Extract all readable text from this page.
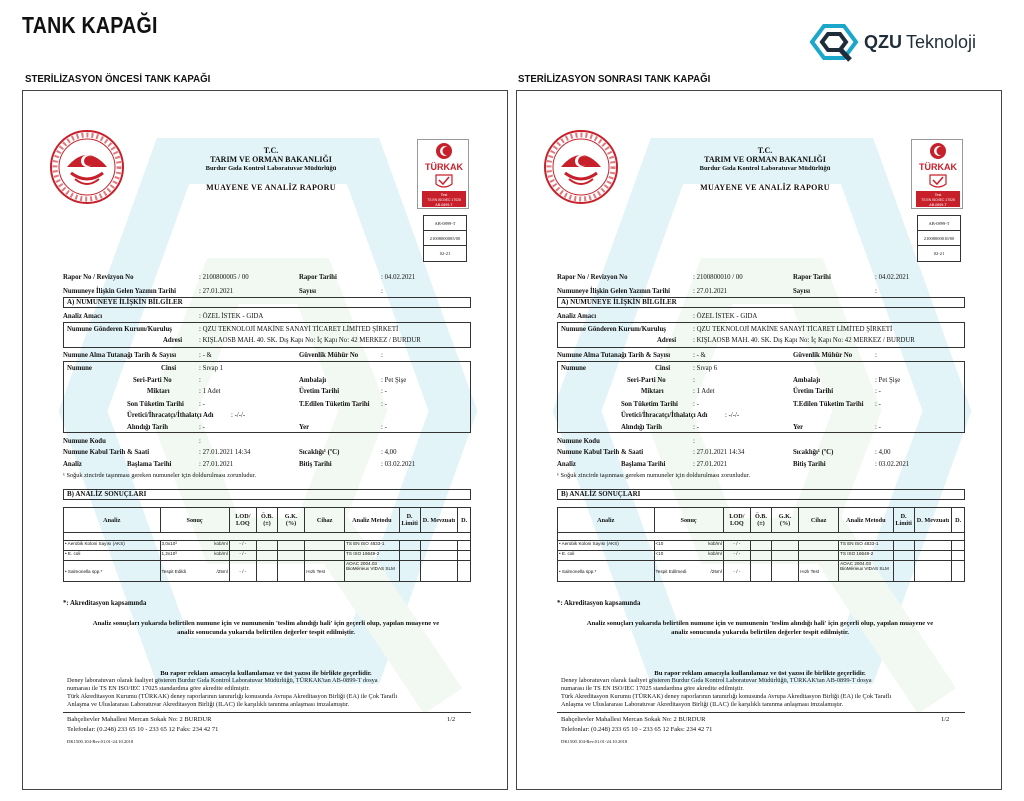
TANK KAPAĞI
QZU Teknoloji
STERİLİZASYON ÖNCESİ TANK KAPAĞI	STERİLİZASYON SONRASI TANK KAPAĞI
TÜRKAK
Test
TS EN ISO/IEC 17025
AB-0899-T
AB-0899-T
21008000005/00
02-21
T.C.
TARIM VE ORMAN BAKANLIĞI
Burdur Gıda Kontrol Laboratuvar Müdürlüğü
MUAYENE VE ANALİZ RAPORU
Rapor No / Revizyon No	: 2100800005 / 00	Rapor Tarihi	: 04.02.2021
Numuneye İlişkin Gelen Yazının Tarihi	: 27.01.2021	Sayısı	:
A) NUMUNEYE İLİŞKİN BİLGİLER
Analiz Amacı	: ÖZEL İSTEK - GIDA
Numune Gönderen Kurum/Kuruluş	: QZU TEKNOLOJİ MAKİNE SANAYİ TİCARET LİMİTED ŞİRKETİ
Adresi : KIŞLAOSB MAH. 40. SK. Dış Kapı No: İç Kapı No: 42 MERKEZ / BURDUR
Numune Alma Tutanağı Tarih & Sayısı	: - &	Güvenlik Mühür No	:
Numune	Cinsi	: Sıvap 1
Seri-Parti No	:	Ambalajı	: Pet Şişe
Miktarı	: 1 Adet	Üretim Tarihi	: -
Son Tüketim Tarihi : -	T.Edilen Tüketim Tarihi : -
Üretici/İhracatçı/İthalatçı Adı	: -/-/-
Alındığı Tarih	: -	Yer	: -
Numune Kodu	:
Numune Kabul Tarih & Saati	: 27.01.2021 14:34	Sıcaklığı¹ (ºC)	: 4,00
Analiz	Başlama Tarihi	: 27.01.2021	Bitiş Tarihi	: 03.02.2021
¹ Soğuk zincirde taşınması gereken numuneler için doldurulması zorunludur.
B) ANALİZ SONUÇLARI
Analiz	Sonuç	LOD/ LOQ	Ö.B. (±)	G.K. (%)	Cihaz	Analiz Metodu	D. Limiti	D. Mevzuatı	D.

• Aerobik Koloni Sayısı (AKS)	3,0x10³ kob/ml	- / -				TS EN ISO 4833-1			
• E. coli	1,2x10³ kob/ml	- / -				TS ISO 16649-2			
• Salmonella spp.*	Tespit Edildi /25ml	- / -			Hızlı Test	AOAC 2004.03 BioMérieux VIDAS SLM			
*: Akreditasyon kapsamında
Analiz sonuçları yukarıda belirtilen numune için ve numunenin 'teslim alındığı hali' için geçerli olup, yapılan muayene ve
analiz sonucunda yukarıda belirtilen değerler tespit edilmiştir.
Bu rapor reklam amacıyla kullanılamaz ve üst yazısı ile birlikte geçerlidir.
Deney laboratuvarı olarak faaliyet gösteren Burdur Gıda Kontrol Laboratuvar Müdürlüğü, TÜRKAK'tan AB-0899-T dosya
numarası ile TS EN ISO/IEC 17025 standardına göre akredite edilmiştir.
Türk Akreditasyon Kurumu (TÜRKAK) deney raporlarının tanınırlığı konusunda Avrupa Akreditasyon Birliği (EA) ile Çok Taraflı
Anlaşma ve Uluslararası Laboratuvar Akreditasyon Birliği (ILAC) ile karşılıklı tanınma anlaşması imzalamıştır.
Bahçelievler Mahallesi Mercan Sokak No: 2 BURDUR	1/2
Telefonlar: (0.248) 233 65 10 - 233 65 12 Faks: 234 42 71
DK1500.104-Rev.01.01-24.10.2018
TÜRKAK
Test
TS EN ISO/IEC 17025
AB-0899-T
AB-0899-T
21008000010/00
02-21
T.C.
TARIM VE ORMAN BAKANLIĞI
Burdur Gıda Kontrol Laboratuvar Müdürlüğü
MUAYENE VE ANALİZ RAPORU
Rapor No / Revizyon No	: 2100800010 / 00	Rapor Tarihi	: 04.02.2021
Numuneye İlişkin Gelen Yazının Tarihi	: 27.01.2021	Sayısı	:
A) NUMUNEYE İLİŞKİN BİLGİLER
Analiz Amacı	: ÖZEL İSTEK - GIDA
Numune Gönderen Kurum/Kuruluş	: QZU TEKNOLOJİ MAKİNE SANAYİ TİCARET LİMİTED ŞİRKETİ
Adresi : KIŞLAOSB MAH. 40. SK. Dış Kapı No: İç Kapı No: 42 MERKEZ / BURDUR
Numune Alma Tutanağı Tarih & Sayısı	: - &	Güvenlik Mühür No	:
Numune	Cinsi	: Sıvap 6
Seri-Parti No	:	Ambalajı	: Pet Şişe
Miktarı	: 1 Adet	Üretim Tarihi	: -
Son Tüketim Tarihi : -	T.Edilen Tüketim Tarihi : -
Üretici/İhracatçı/İthalatçı Adı	: -/-/-
Alındığı Tarih	: -	Yer	: -
Numune Kodu	:
Numune Kabul Tarih & Saati	: 27.01.2021 14:34	Sıcaklığı¹ (ºC)	: 4,00
Analiz	Başlama Tarihi	: 27.01.2021	Bitiş Tarihi	: 03.02.2021
¹ Soğuk zincirde taşınması gereken numuneler için doldurulması zorunludur.
B) ANALİZ SONUÇLARI
Analiz	Sonuç	LOD/ LOQ	Ö.B. (±)	G.K. (%)	Cihaz	Analiz Metodu	D. Limiti	D. Mevzuatı	D.

• Aerobik Koloni Sayısı (AKS)	<10 kob/ml	- / -				TS EN ISO 4833-1			
• E. coli	<10 kob/ml	- / -				TS ISO 16649-2			
• Salmonella spp.*	Tespit Edilmedi /25ml	- / -			Hızlı Test	AOAC 2004.03 BioMérieux VIDAS SLM			
*: Akreditasyon kapsamında
Analiz sonuçları yukarıda belirtilen numune için ve numunenin 'teslim alındığı hali' için geçerli olup, yapılan muayene ve
analiz sonucunda yukarıda belirtilen değerler tespit edilmiştir.
Bu rapor reklam amacıyla kullanılamaz ve üst yazısı ile birlikte geçerlidir.
Deney laboratuvarı olarak faaliyet gösteren Burdur Gıda Kontrol Laboratuvar Müdürlüğü, TÜRKAK'tan AB-0899-T dosya
numarası ile TS EN ISO/IEC 17025 standardına göre akredite edilmiştir.
Türk Akreditasyon Kurumu (TÜRKAK) deney raporlarının tanınırlığı konusunda Avrupa Akreditasyon Birliği (EA) ile Çok Taraflı
Anlaşma ve Uluslararası Laboratuvar Akreditasyon Birliği (ILAC) ile karşılıklı tanınma anlaşması imzalamıştır.
Bahçelievler Mahallesi Mercan Sokak No: 2 BURDUR	1/2
Telefonlar: (0.248) 233 65 10 - 233 65 12 Faks: 234 42 71
DK1500.104-Rev.01.01-24.10.2018
